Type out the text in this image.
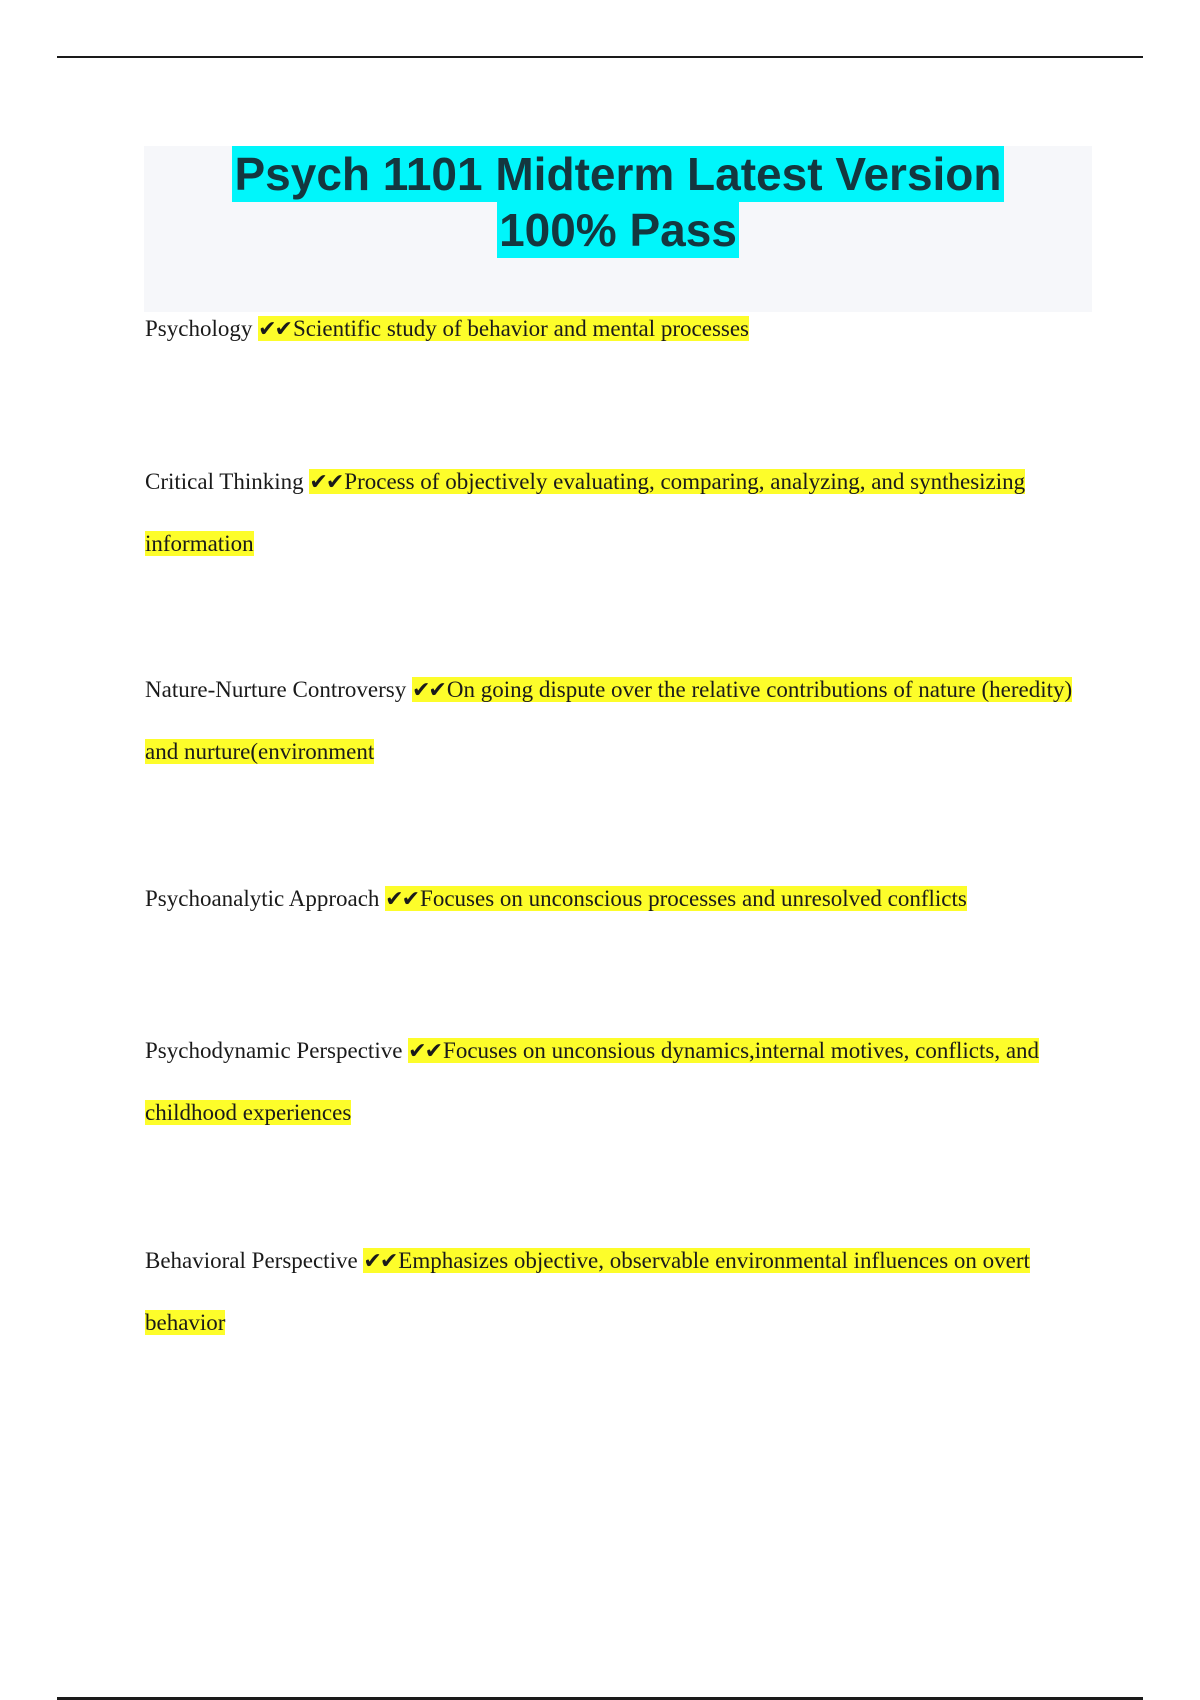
Psych 1101 Midterm Latest Version
100% Pass
Psychology ✔✔Scientific study of behavior and mental processes
Critical Thinking ✔✔Process of objectively evaluating, comparing, analyzing, and synthesizing information
Nature-Nurture Controversy ✔✔On going dispute over the relative contributions of nature (heredity) and nurture(environment
Psychoanalytic Approach ✔✔Focuses on unconscious processes and unresolved conflicts
Psychodynamic Perspective ✔✔Focuses on unconsious dynamics,internal motives, conflicts, and childhood experiences
Behavioral Perspective ✔✔Emphasizes objective, observable environmental influences on overt behavior
